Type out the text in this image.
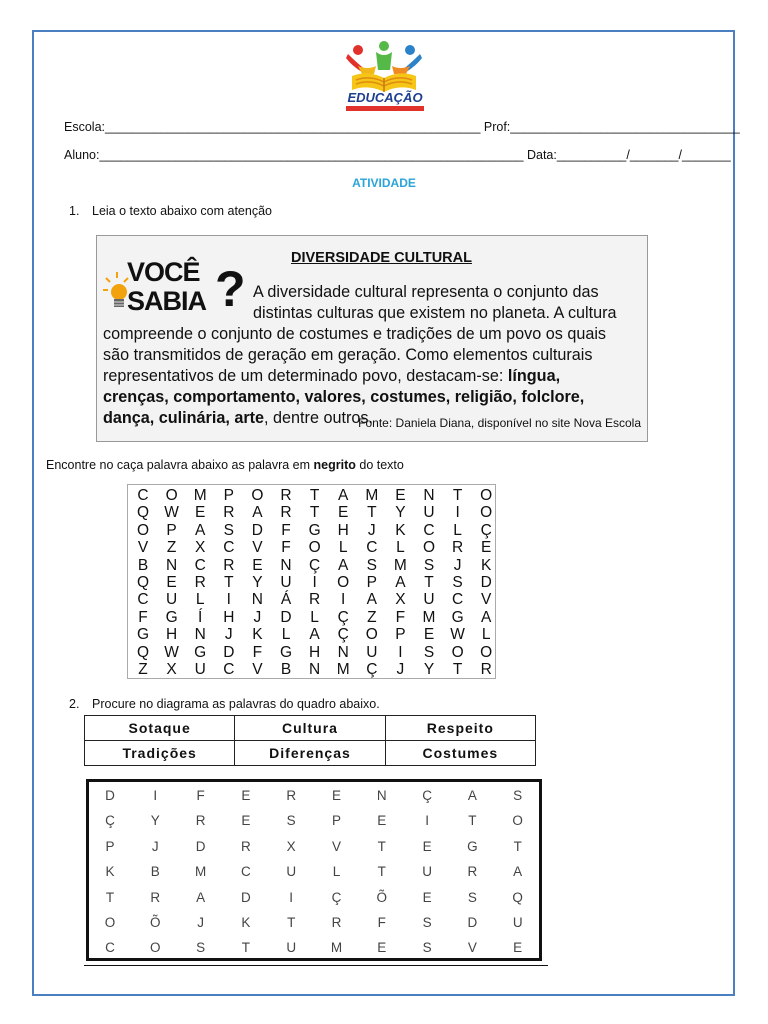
EDUCAÇÃO
Escola:______________________________________________________ Prof:_________________________________
Aluno:_____________________________________________________________ Data:__________/_______/_______
ATIVIDADE
1. Leia o texto abaixo com atenção
VOCÊ
SABIA ?
DIVERSIDADE CULTURAL
A diversidade cultural representa o conjunto das
distintas culturas que existem no planeta. A cultura
compreende o conjunto de costumes e tradições de um povo os quais
são transmitidos de geração em geração. Como elementos culturais
representativos de um determinado povo, destacam-se: língua,
crenças, comportamento, valores, costumes, religião, folclore,
dança, culinária, arte, dentre outros.
Fonte: Daniela Diana, disponível no site Nova Escola
Encontre no caça palavra abaixo as palavra em negrito do texto
C	O	M	P	O	R	T	A	M	E	N	T	O
Q W	E	R	A	R	T	E	T	Y	U	I	O
O	P	A	S	D	F	G	H	J	K	C	L	Ç
V	Z	X	C	V	F	O	L	C	L	O	R	E
B	N	C	R	E	N	Ç	A	S	M	S	J	K
Q	E	R	T	Y	U	I	O	P	A	T	S	D
C	U	L	I	N	Á	R	I	A	X	U	C	V
F	G	Í	H	J	D	L	Ç	Z	F	M	G	A
G	H	N	J	K	L	A	Ç	O	P	E	W	L
Q W G	D	F	G	H	N	U	I	S	O	O
Z	X	U	C	V	B	N	M	Ç	J	Y	T	R
2. Procure no diagrama as palavras do quadro abaixo.
Sotaque	Cultura	Respeito
Tradições	Diferenças	Costumes
D	I	F	E	R	E	N	Ç	A	S
Ç	Y	R	E	S	P	E	I	T	O
P	J	D	R	X	V	T	E	G	T
K	B	M	C	U	L	T	U	R	A
T	R	A	D	I	Ç	Õ	E	S	Q
O	Õ	J	K	T	R	F	S	D	U
C	O	S	T	U	M	E	S	V	E
